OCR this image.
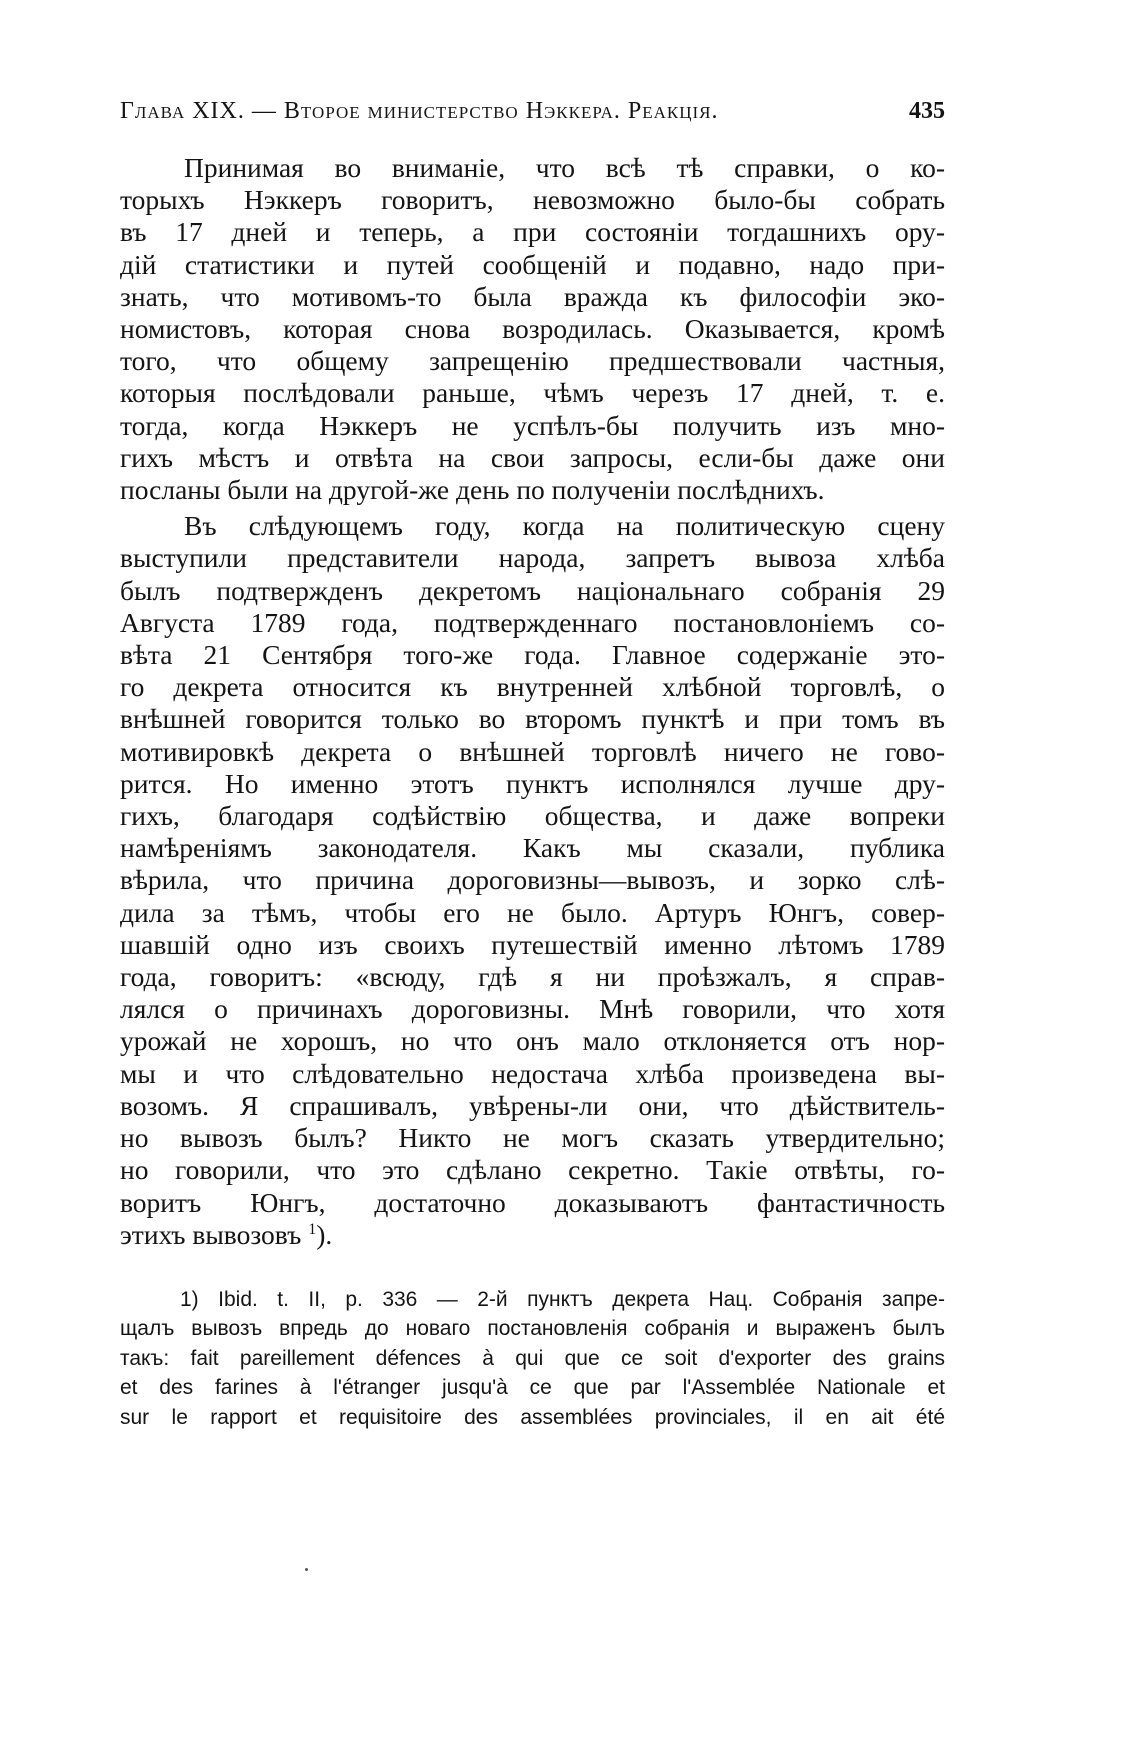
Глава XIX. — Второе министерство Нэккера. Реакція.	435

Принимая во вниманіе, что всѣ тѣ справки, о ко-
торыхъ Нэккеръ говоритъ, невозможно было-бы собрать
въ 17 дней и теперь, а при состояніи тогдашнихъ ору-
дій статистики и путей сообщеній и подавно, надо при-
знать, что мотивомъ-то была вражда къ философіи эко-
номистовъ, которая снова возродилась. Оказывается, кромѣ
того, что общему запрещенію предшествовали частныя,
которыя послѣдовали раньше, чѣмъ черезъ 17 дней, т. е.
тогда, когда Нэккеръ не успѣлъ-бы получить изъ мно-
гихъ мѣстъ и отвѣта на свои запросы, если-бы даже они
посланы были на другой-же день по полученіи послѣднихъ.

Въ слѣдующемъ году, когда на политическую сцену
выступили представители народа, запретъ вывоза хлѣба
былъ подтвержденъ декретомъ національнаго собранія 29
Августа 1789 года, подтвержденнаго постановлоніемъ со-
вѣта 21 Сентября того-же года. Главное содержаніе это-
го декрета относится къ внутренней хлѣбной торговлѣ, о
внѣшней говорится только во второмъ пунктѣ и при томъ въ
мотивировкѣ декрета о внѣшней торговлѣ ничего не гово-
рится. Но именно этотъ пунктъ исполнялся лучше дру-
гихъ, благодаря содѣйствію общества, и даже вопреки
намѣреніямъ законодателя. Какъ мы сказали, публика
вѣрила, что причина дороговизны—вывозъ, и зорко слѣ-
дила за тѣмъ, чтобы его не было. Артуръ Юнгъ, совер-
шавшій одно изъ своихъ путешествій именно лѣтомъ 1789
года, говоритъ: «всюду, гдѣ я ни проѣзжалъ, я справ-
лялся о причинахъ дороговизны. Мнѣ говорили, что хотя
урожай не хорошъ, но что онъ мало отклоняется отъ нор-
мы и что слѣдовательно недостача хлѣба произведена вы-
возомъ. Я спрашивалъ, увѣрены-ли они, что дѣйствитель-
но вывозъ былъ? Никто не могъ сказать утвердительно;
но говорили, что это сдѣлано секретно. Такіе отвѣты, го-
воритъ Юнгъ, достаточно доказываютъ фантастичность
этихъ вывозовъ $^1$).

1) Ibid. t. II, p. 336 — 2-й пунктъ декрета Нац. Собранія запре-
щалъ вывозъ впредь до новаго постановленія собранія и выраженъ былъ
такъ: fait pareillement défences à qui que ce soit d'exporter des grains
et des farines à l'étranger jusqu'à ce que par l'Assemblée Nationale et
sur le rapport et requisitoire des assemblées provinciales, il en ait été
